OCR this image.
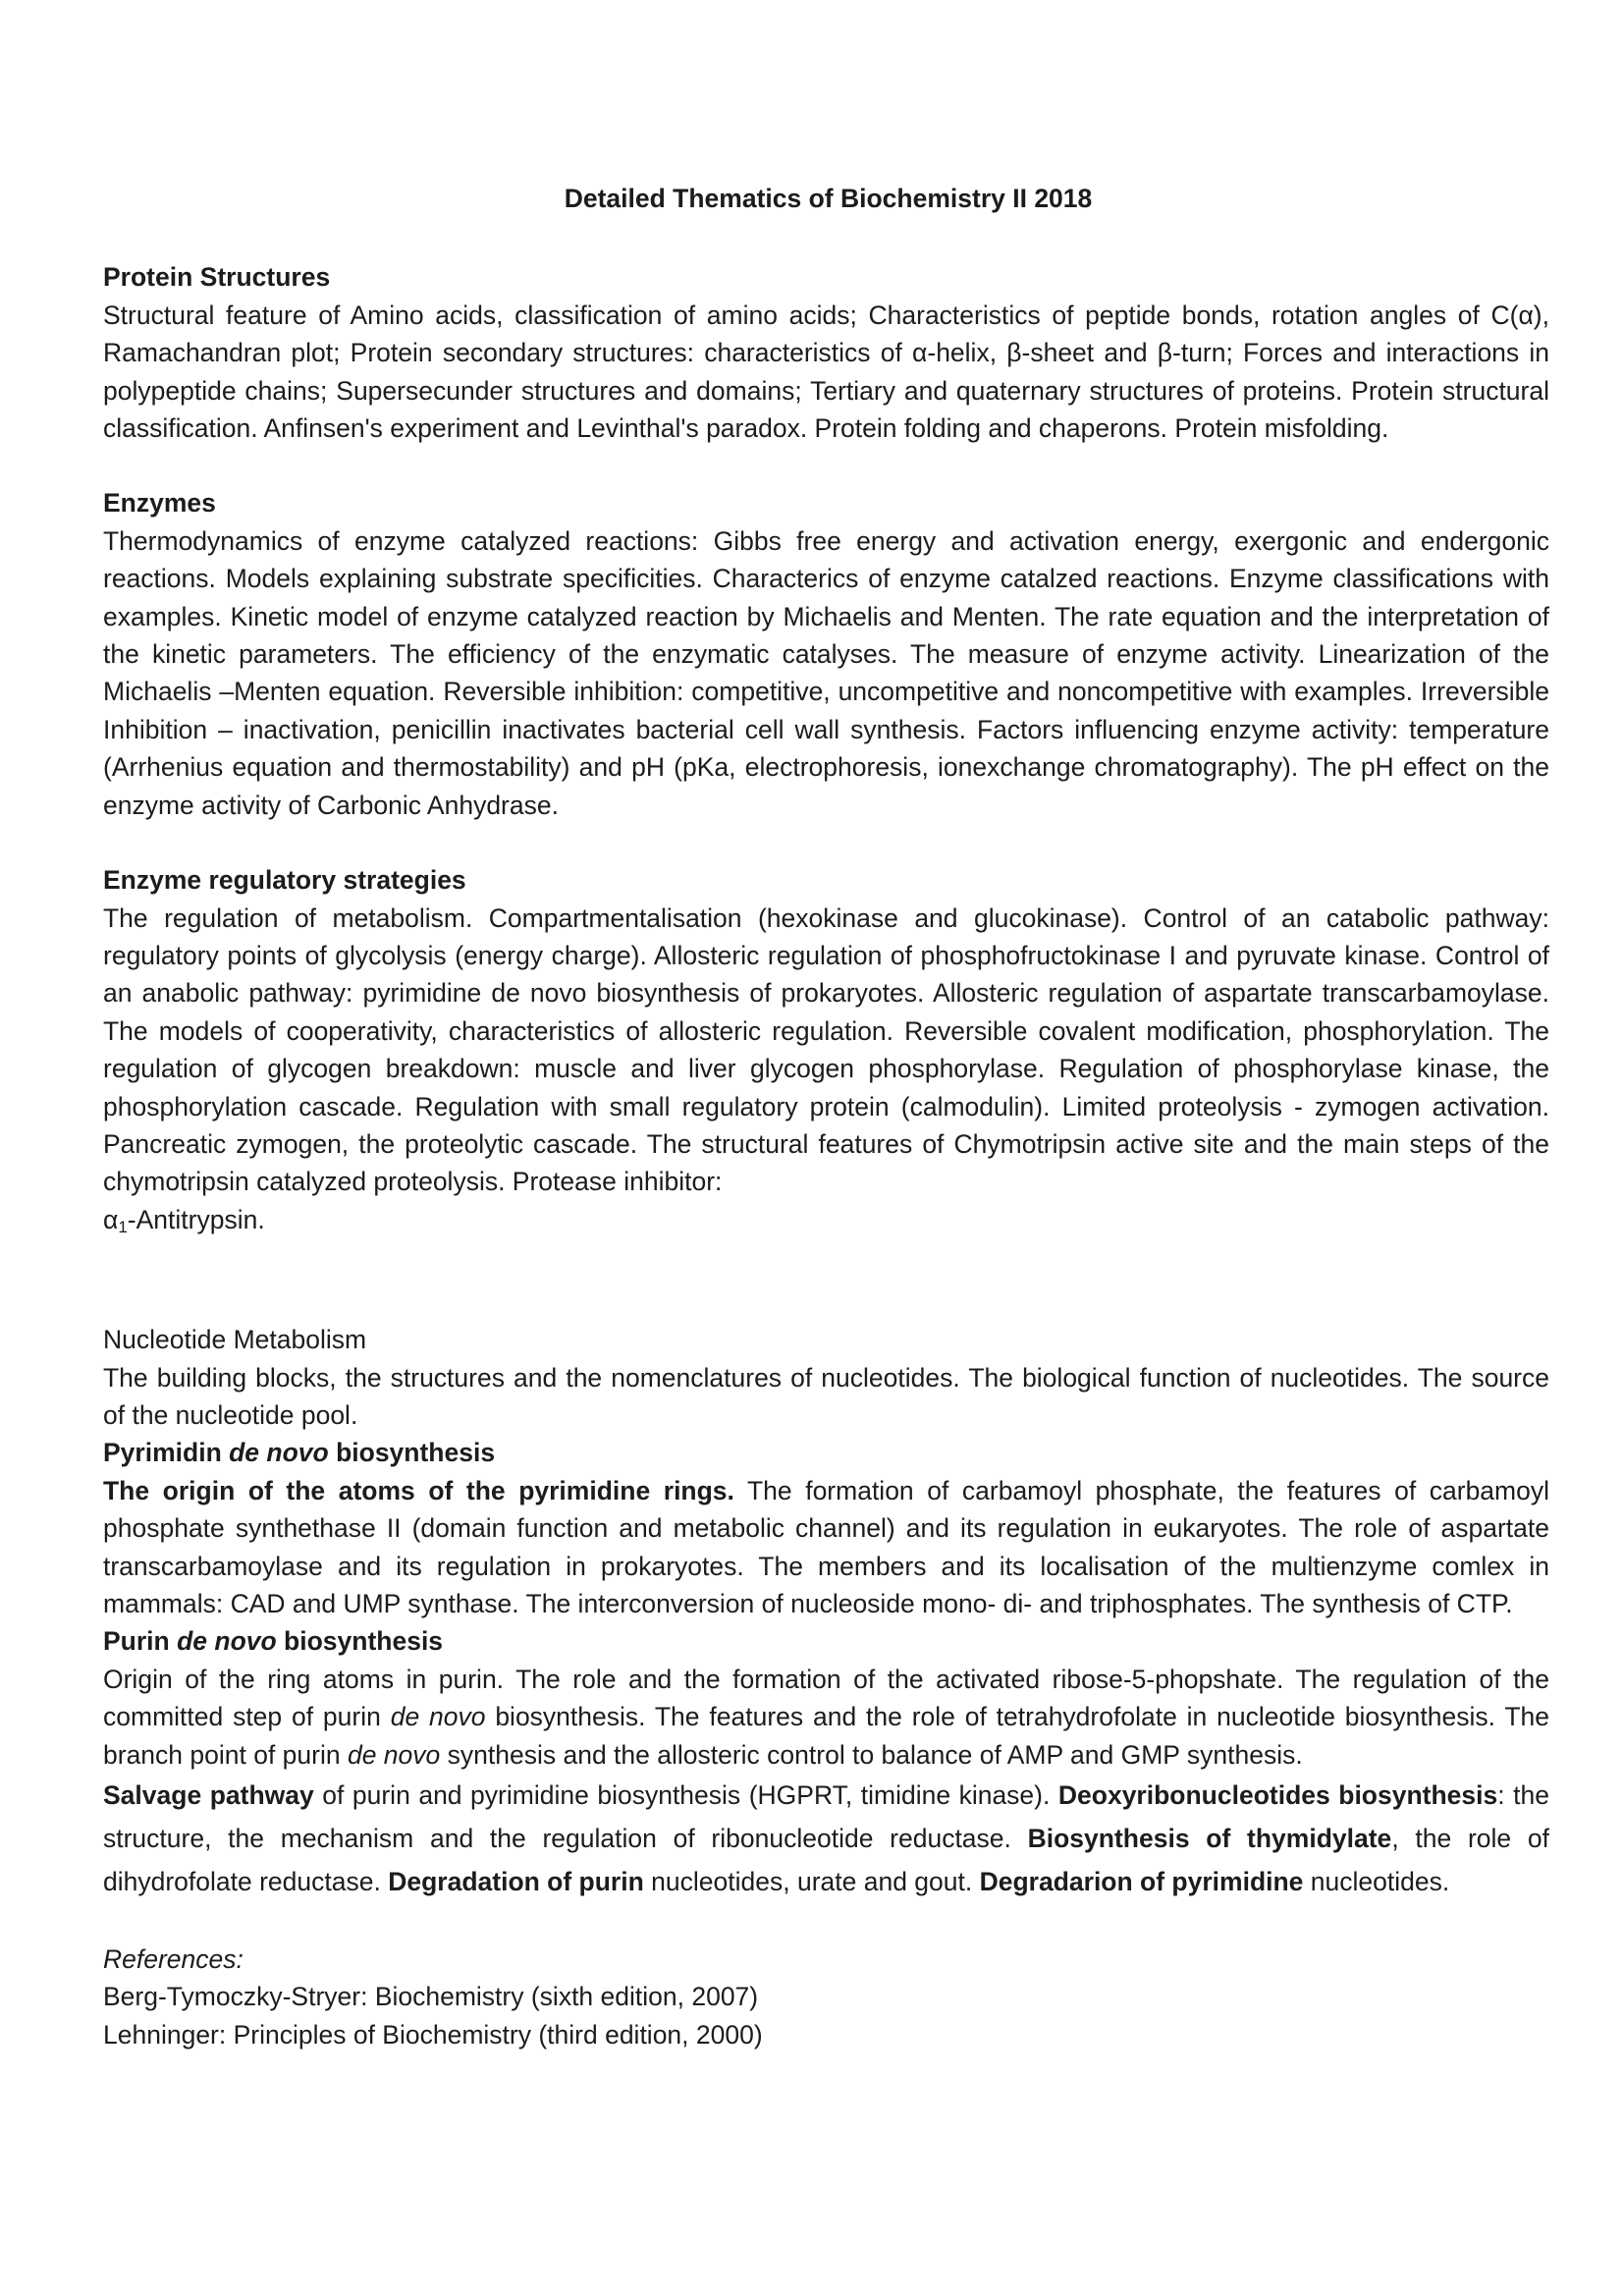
Detailed Thematics of Biochemistry II 2018

Protein Structures

Structural feature of Amino acids, classification of amino acids; Characteristics of peptide bonds, rotation angles of C(α), Ramachandran plot; Protein secondary structures: characteristics of α-helix, β-sheet and β-turn; Forces and interactions in polypeptide chains; Supersecunder structures and domains; Tertiary and quaternary structures of proteins. Protein structural classification. Anfinsen's experiment and Levinthal's paradox. Protein folding and chaperons. Protein misfolding.

Enzymes

Thermodynamics of enzyme catalyzed reactions: Gibbs free energy and activation energy, exergonic and endergonic reactions. Models explaining substrate specificities. Characterics of enzyme catalzed reactions. Enzyme classifications with examples. Kinetic model of enzyme catalyzed reaction by Michaelis and Menten. The rate equation and the interpretation of the kinetic parameters. The efficiency of the enzymatic catalyses. The measure of enzyme activity. Linearization of the Michaelis –Menten equation. Reversible inhibition: competitive, uncompetitive and noncompetitive with examples. Irreversible Inhibition – inactivation, penicillin inactivates bacterial cell wall synthesis. Factors influencing enzyme activity: temperature (Arrhenius equation and thermostability) and pH (pKa, electrophoresis, ionexchange chromatography). The pH effect on the enzyme activity of Carbonic Anhydrase.

Enzyme regulatory strategies

The regulation of metabolism. Compartmentalisation (hexokinase and glucokinase). Control of an catabolic pathway: regulatory points of glycolysis (energy charge). Allosteric regulation of phosphofructokinase I and pyruvate kinase. Control of an anabolic pathway: pyrimidine de novo biosynthesis of prokaryotes. Allosteric regulation of aspartate transcarbamoylase. The models of cooperativity, characteristics of allosteric regulation. Reversible covalent modification, phosphorylation. The regulation of glycogen breakdown: muscle and liver glycogen phosphorylase. Regulation of phosphorylase kinase, the phosphorylation cascade. Regulation with small regulatory protein (calmodulin). Limited proteolysis - zymogen activation. Pancreatic zymogen, the proteolytic cascade. The structural features of Chymotripsin active site and the main steps of the chymotripsin catalyzed proteolysis. Protease inhibitor:
$\alpha_1$-Antitrypsin.

Nucleotide Metabolism

The building blocks, the structures and the nomenclatures of nucleotides. The biological function of nucleotides. The source of the nucleotide pool.

Pyrimidin de novo biosynthesis

The origin of the atoms of the pyrimidine rings. The formation of carbamoyl phosphate, the features of carbamoyl phosphate synthethase II (domain function and metabolic channel) and its regulation in eukaryotes. The role of aspartate transcarbamoylase and its regulation in prokaryotes. The members and its localisation of the multienzyme comlex in mammals: CAD and UMP synthase. The interconversion of nucleoside mono- di- and triphosphates. The synthesis of CTP.

Purin de novo biosynthesis

Origin of the ring atoms in purin. The role and the formation of the activated ribose-5-phopshate. The regulation of the committed step of purin de novo biosynthesis. The features and the role of tetrahydrofolate in nucleotide biosynthesis. The branch point of purin de novo synthesis and the allosteric control to balance of AMP and GMP synthesis.

Salvage pathway of purin and pyrimidine biosynthesis (HGPRT, timidine kinase). Deoxyribonucleotides biosynthesis: the structure, the mechanism and the regulation of ribonucleotide reductase. Biosynthesis of thymidylate, the role of dihydrofolate reductase. Degradation of purin nucleotides, urate and gout. Degradarion of pyrimidine nucleotides.

References:

Berg-Tymoczky-Stryer: Biochemistry (sixth edition, 2007)

Lehninger: Principles of Biochemistry (third edition, 2000)
